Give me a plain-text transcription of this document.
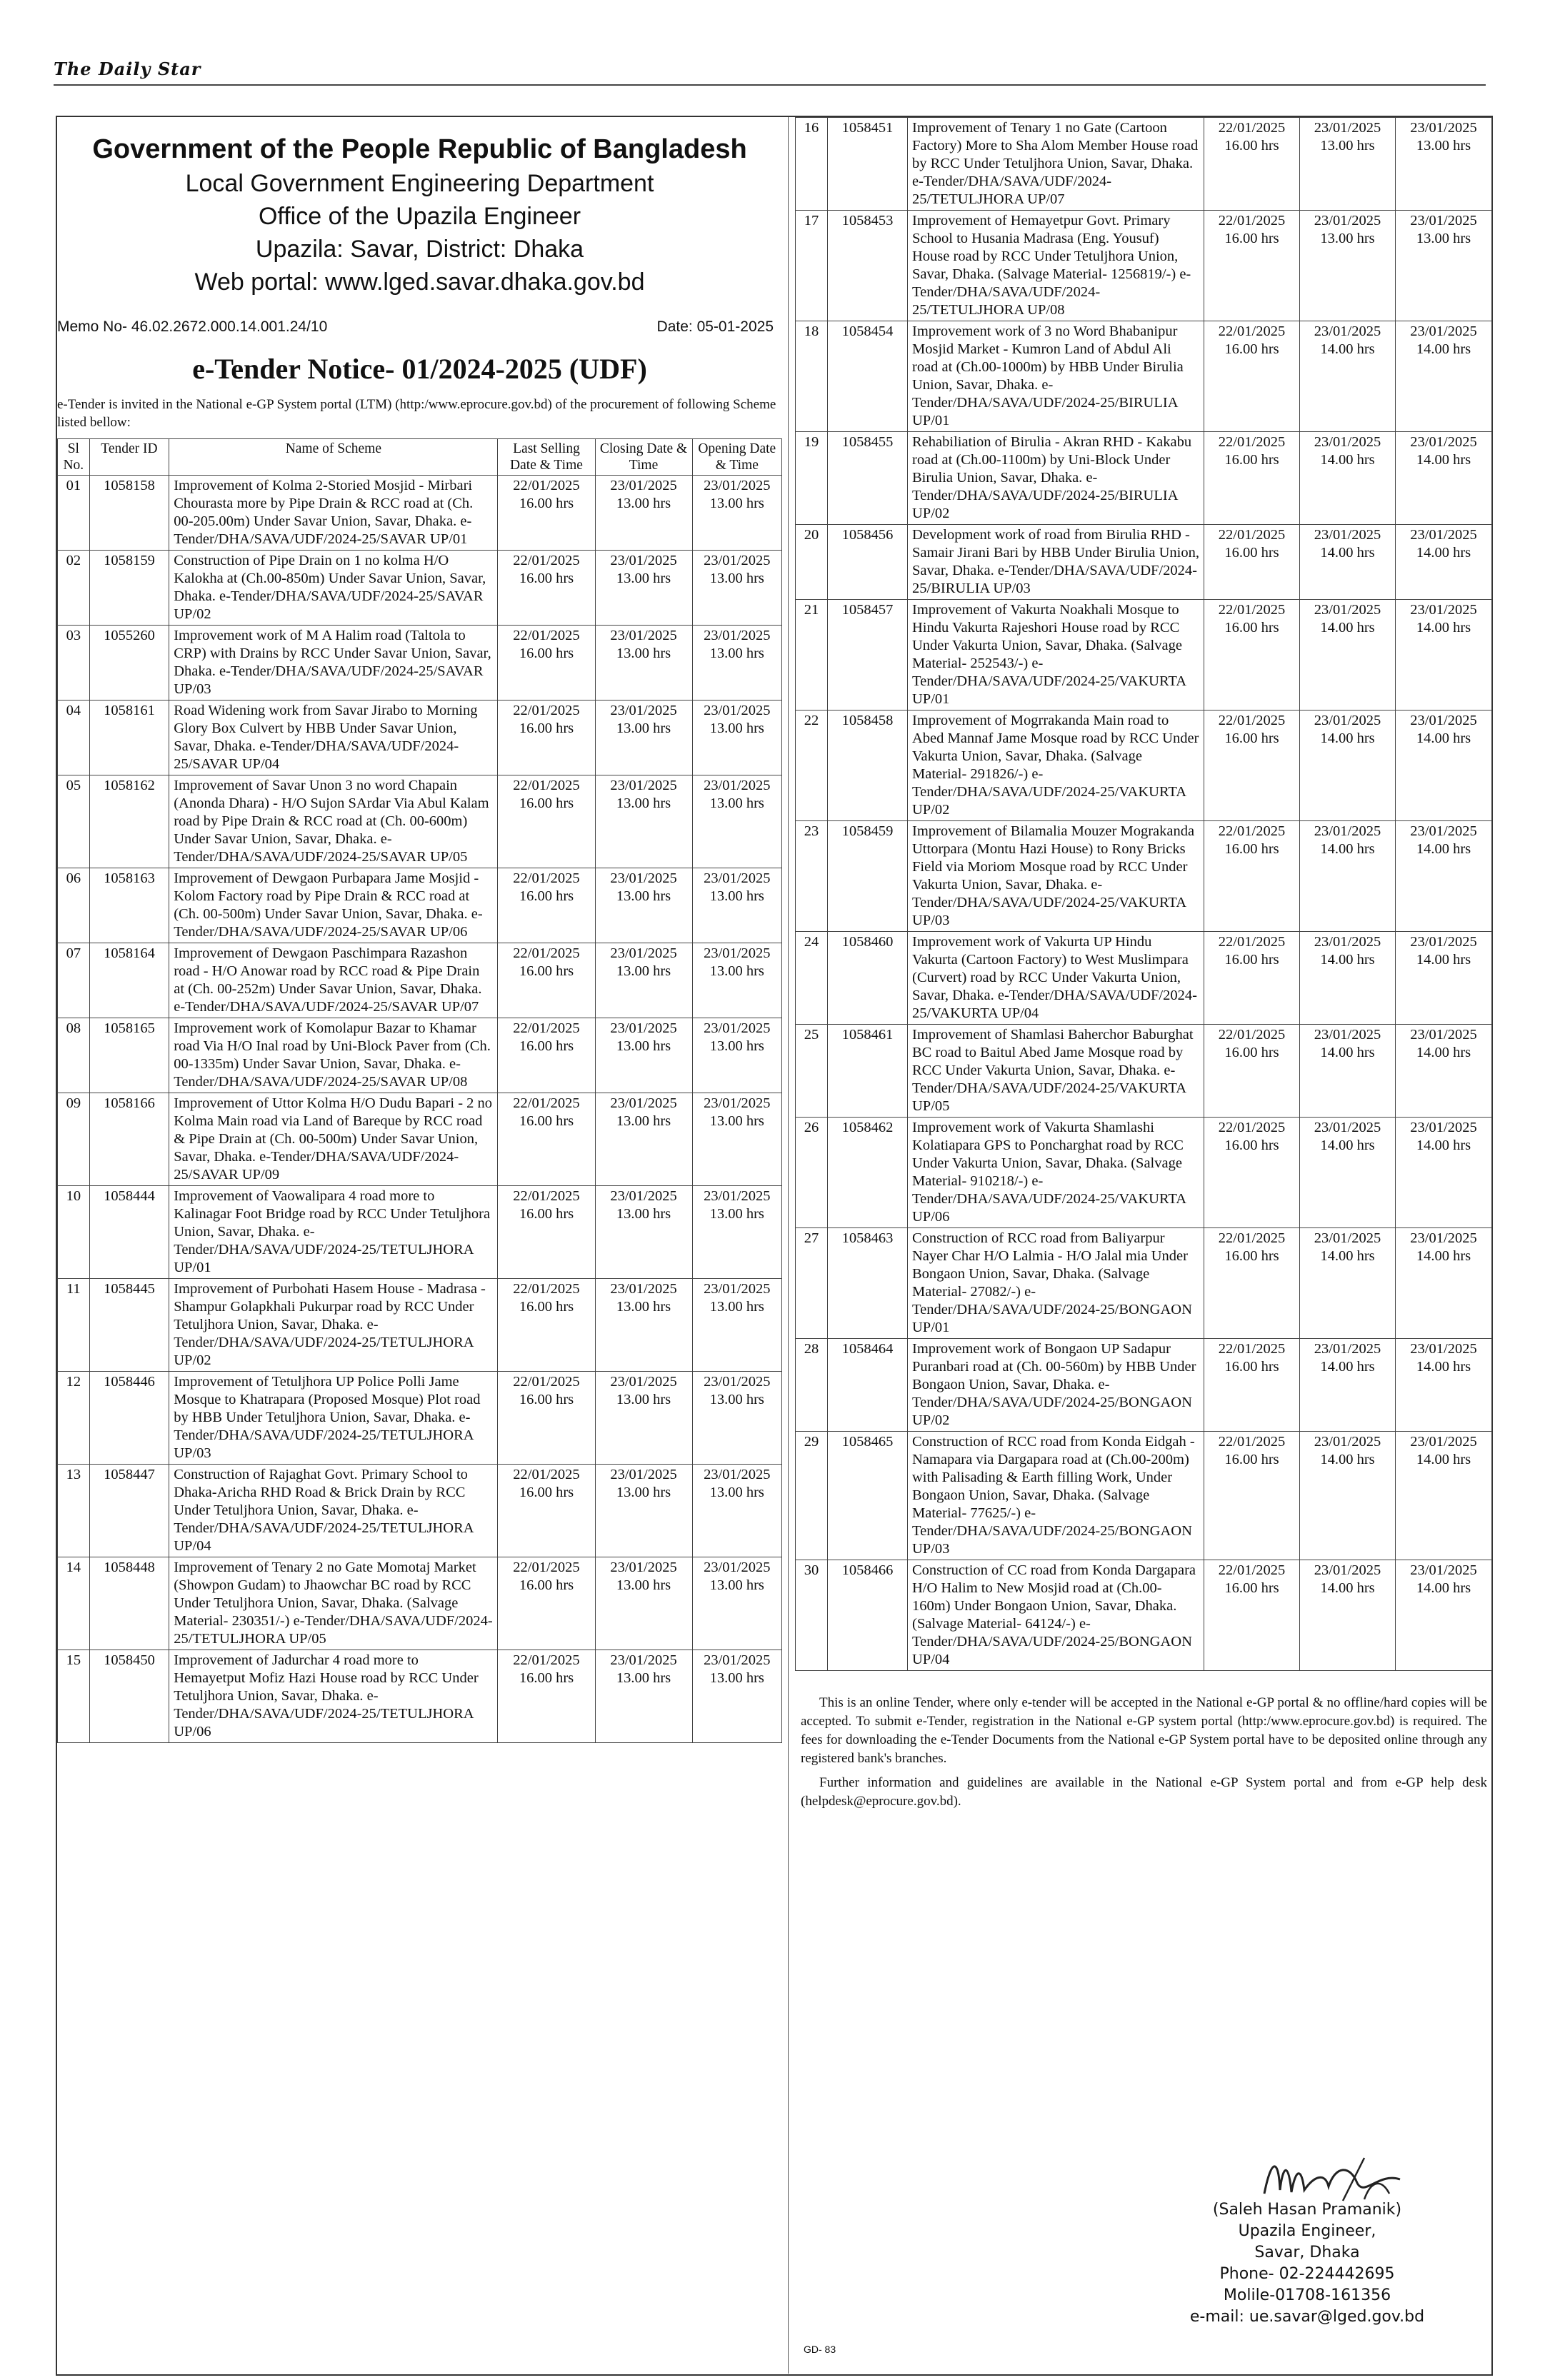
The Daily Star
Government of the People Republic of Bangladesh
Local Government Engineering Department
Office of the Upazila Engineer
Upazila: Savar, District: Dhaka
Web portal: www.lged.savar.dhaka.gov.bd
Memo No- 46.02.2672.000.14.001.24/10	Date: 05-01-2025
e-Tender Notice- 01/2024-2025 (UDF)
e-Tender is invited in the National e-GP System portal (LTM) (http:/www.eprocure.gov.bd) of the procurement of following Scheme listed bellow:
Sl No.	Tender ID	Name of Scheme	Last Selling Date & Time	Closing Date & Time	Opening Date & Time
01	1058158	Improvement of Kolma 2-Storied Mosjid - Mirbari Chourasta more by Pipe Drain & RCC road at (Ch. 00-205.00m) Under Savar Union, Savar, Dhaka. e-Tender/DHA/SAVA/UDF/2024-25/SAVAR UP/01	22/01/2025 16.00 hrs	23/01/2025 13.00 hrs	23/01/2025 13.00 hrs
02	1058159	Construction of Pipe Drain on 1 no kolma H/O Kalokha at (Ch.00-850m) Under Savar Union, Savar, Dhaka. e-Tender/DHA/SAVA/UDF/2024-25/SAVAR UP/02	22/01/2025 16.00 hrs	23/01/2025 13.00 hrs	23/01/2025 13.00 hrs
03	1055260	Improvement work of M A Halim road (Taltola to CRP) with Drains by RCC Under Savar Union, Savar, Dhaka. e-Tender/DHA/SAVA/UDF/2024-25/SAVAR UP/03	22/01/2025 16.00 hrs	23/01/2025 13.00 hrs	23/01/2025 13.00 hrs
04	1058161	Road Widening work from Savar Jirabo to Morning Glory Box Culvert by HBB Under Savar Union, Savar, Dhaka. e-Tender/DHA/SAVA/UDF/2024-25/SAVAR UP/04	22/01/2025 16.00 hrs	23/01/2025 13.00 hrs	23/01/2025 13.00 hrs
05	1058162	Improvement of Savar Unon 3 no word Chapain (Anonda Dhara) - H/O Sujon SArdar Via Abul Kalam road by Pipe Drain & RCC road at (Ch. 00-600m) Under Savar Union, Savar, Dhaka. e-Tender/DHA/SAVA/UDF/2024-25/SAVAR UP/05	22/01/2025 16.00 hrs	23/01/2025 13.00 hrs	23/01/2025 13.00 hrs
06	1058163	Improvement of Dewgaon Purbapara Jame Mosjid - Kolom Factory road by Pipe Drain & RCC road at (Ch. 00-500m) Under Savar Union, Savar, Dhaka. e-Tender/DHA/SAVA/UDF/2024-25/SAVAR UP/06	22/01/2025 16.00 hrs	23/01/2025 13.00 hrs	23/01/2025 13.00 hrs
07	1058164	Improvement of Dewgaon Paschimpara Razashon road - H/O Anowar road by RCC road & Pipe Drain at (Ch. 00-252m) Under Savar Union, Savar, Dhaka. e-Tender/DHA/SAVA/UDF/2024-25/SAVAR UP/07	22/01/2025 16.00 hrs	23/01/2025 13.00 hrs	23/01/2025 13.00 hrs
08	1058165	Improvement work of Komolapur Bazar to Khamar road Via H/O Inal road by Uni-Block Paver from (Ch. 00-1335m) Under Savar Union, Savar, Dhaka. e-Tender/DHA/SAVA/UDF/2024-25/SAVAR UP/08	22/01/2025 16.00 hrs	23/01/2025 13.00 hrs	23/01/2025 13.00 hrs
09	1058166	Improvement of Uttor Kolma H/O Dudu Bapari - 2 no Kolma Main road via Land of Bareque by RCC road & Pipe Drain at (Ch. 00-500m) Under Savar Union, Savar, Dhaka. e-Tender/DHA/SAVA/UDF/2024-25/SAVAR UP/09	22/01/2025 16.00 hrs	23/01/2025 13.00 hrs	23/01/2025 13.00 hrs
10	1058444	Improvement of Vaowalipara 4 road more to Kalinagar Foot Bridge road by RCC Under Tetuljhora Union, Savar, Dhaka. e-Tender/DHA/SAVA/UDF/2024-25/TETULJHORA UP/01	22/01/2025 16.00 hrs	23/01/2025 13.00 hrs	23/01/2025 13.00 hrs
11	1058445	Improvement of Purbohati Hasem House - Madrasa - Shampur Golapkhali Pukurpar road by RCC Under Tetuljhora Union, Savar, Dhaka. e-Tender/DHA/SAVA/UDF/2024-25/TETULJHORA UP/02	22/01/2025 16.00 hrs	23/01/2025 13.00 hrs	23/01/2025 13.00 hrs
12	1058446	Improvement of Tetuljhora UP Police Polli Jame Mosque to Khatrapara (Proposed Mosque) Plot road by HBB Under Tetuljhora Union, Savar, Dhaka. e-Tender/DHA/SAVA/UDF/2024-25/TETULJHORA UP/03	22/01/2025 16.00 hrs	23/01/2025 13.00 hrs	23/01/2025 13.00 hrs
13	1058447	Construction of Rajaghat Govt. Primary School to Dhaka-Aricha RHD Road & Brick Drain by RCC Under Tetuljhora Union, Savar, Dhaka. e-Tender/DHA/SAVA/UDF/2024-25/TETULJHORA UP/04	22/01/2025 16.00 hrs	23/01/2025 13.00 hrs	23/01/2025 13.00 hrs
14	1058448	Improvement of Tenary 2 no Gate Momotaj Market (Showpon Gudam) to Jhaowchar BC road by RCC Under Tetuljhora Union, Savar, Dhaka. (Salvage Material- 230351/-) e-Tender/DHA/SAVA/UDF/2024-25/TETULJHORA UP/05	22/01/2025 16.00 hrs	23/01/2025 13.00 hrs	23/01/2025 13.00 hrs
15	1058450	Improvement of Jadurchar 4 road more to Hemayetput Mofiz Hazi House road by RCC Under Tetuljhora Union, Savar, Dhaka. e-Tender/DHA/SAVA/UDF/2024-25/TETULJHORA UP/06	22/01/2025 16.00 hrs	23/01/2025 13.00 hrs	23/01/2025 13.00 hrs
16	1058451	Improvement of Tenary 1 no Gate (Cartoon Factory) More to Sha Alom Member House road by RCC Under Tetuljhora Union, Savar, Dhaka. e-Tender/DHA/SAVA/UDF/2024-25/TETULJHORA UP/07	22/01/2025 16.00 hrs	23/01/2025 13.00 hrs	23/01/2025 13.00 hrs
17	1058453	Improvement of Hemayetpur Govt. Primary School to Husania Madrasa (Eng. Yousuf) House road by RCC Under Tetuljhora Union, Savar, Dhaka. (Salvage Material- 1256819/-) e-Tender/DHA/SAVA/UDF/2024-25/TETULJHORA UP/08	22/01/2025 16.00 hrs	23/01/2025 13.00 hrs	23/01/2025 13.00 hrs
18	1058454	Improvement work of 3 no Word Bhabanipur Mosjid Market - Kumron Land of Abdul Ali road at (Ch.00-1000m) by HBB Under Birulia Union, Savar, Dhaka. e-Tender/DHA/SAVA/UDF/2024-25/BIRULIA UP/01	22/01/2025 16.00 hrs	23/01/2025 14.00 hrs	23/01/2025 14.00 hrs
19	1058455	Rehabiliation of Birulia - Akran RHD - Kakabu road at (Ch.00-1100m) by Uni-Block Under Birulia Union, Savar, Dhaka. e-Tender/DHA/SAVA/UDF/2024-25/BIRULIA UP/02	22/01/2025 16.00 hrs	23/01/2025 14.00 hrs	23/01/2025 14.00 hrs
20	1058456	Development work of road from Birulia RHD - Samair Jirani Bari by HBB Under Birulia Union, Savar, Dhaka. e-Tender/DHA/SAVA/UDF/2024-25/BIRULIA UP/03	22/01/2025 16.00 hrs	23/01/2025 14.00 hrs	23/01/2025 14.00 hrs
21	1058457	Improvement of Vakurta Noakhali Mosque to Hindu Vakurta Rajeshori House road by RCC Under Vakurta Union, Savar, Dhaka. (Salvage Material- 252543/-) e-Tender/DHA/SAVA/UDF/2024-25/VAKURTA UP/01	22/01/2025 16.00 hrs	23/01/2025 14.00 hrs	23/01/2025 14.00 hrs
22	1058458	Improvement of Mogrrakanda Main road to Abed Mannaf Jame Mosque road by RCC Under Vakurta Union, Savar, Dhaka. (Salvage Material- 291826/-) e-Tender/DHA/SAVA/UDF/2024-25/VAKURTA UP/02	22/01/2025 16.00 hrs	23/01/2025 14.00 hrs	23/01/2025 14.00 hrs
23	1058459	Improvement of Bilamalia Mouzer Mograkanda Uttorpara (Montu Hazi House) to Rony Bricks Field via Moriom Mosque road by RCC Under Vakurta Union, Savar, Dhaka. e-Tender/DHA/SAVA/UDF/2024-25/VAKURTA UP/03	22/01/2025 16.00 hrs	23/01/2025 14.00 hrs	23/01/2025 14.00 hrs
24	1058460	Improvement work of Vakurta UP Hindu Vakurta (Cartoon Factory) to West Muslimpara (Curvert) road by RCC Under Vakurta Union, Savar, Dhaka. e-Tender/DHA/SAVA/UDF/2024-25/VAKURTA UP/04	22/01/2025 16.00 hrs	23/01/2025 14.00 hrs	23/01/2025 14.00 hrs
25	1058461	Improvement of Shamlasi Baherchor Baburghat BC road to Baitul Abed Jame Mosque road by RCC Under Vakurta Union, Savar, Dhaka. e-Tender/DHA/SAVA/UDF/2024-25/VAKURTA UP/05	22/01/2025 16.00 hrs	23/01/2025 14.00 hrs	23/01/2025 14.00 hrs
26	1058462	Improvement work of Vakurta Shamlashi Kolatiapara GPS to Poncharghat road by RCC Under Vakurta Union, Savar, Dhaka. (Salvage Material- 910218/-) e-Tender/DHA/SAVA/UDF/2024-25/VAKURTA UP/06	22/01/2025 16.00 hrs	23/01/2025 14.00 hrs	23/01/2025 14.00 hrs
27	1058463	Construction of RCC road from Baliyarpur Nayer Char H/O Lalmia - H/O Jalal mia Under Bongaon Union, Savar, Dhaka. (Salvage Material- 27082/-) e-Tender/DHA/SAVA/UDF/2024-25/BONGAON UP/01	22/01/2025 16.00 hrs	23/01/2025 14.00 hrs	23/01/2025 14.00 hrs
28	1058464	Improvement work of Bongaon UP Sadapur Puranbari road at (Ch. 00-560m) by HBB Under Bongaon Union, Savar, Dhaka. e-Tender/DHA/SAVA/UDF/2024-25/BONGAON UP/02	22/01/2025 16.00 hrs	23/01/2025 14.00 hrs	23/01/2025 14.00 hrs
29	1058465	Construction of RCC road from Konda Eidgah - Namapara via Dargapara road at (Ch.00-200m) with Palisading & Earth filling Work, Under Bongaon Union, Savar, Dhaka. (Salvage Material- 77625/-) e-Tender/DHA/SAVA/UDF/2024-25/BONGAON UP/03	22/01/2025 16.00 hrs	23/01/2025 14.00 hrs	23/01/2025 14.00 hrs
30	1058466	Construction of CC road from Konda Dargapara H/O Halim to New Mosjid road at (Ch.00-160m) Under Bongaon Union, Savar, Dhaka. (Salvage Material- 64124/-) e-Tender/DHA/SAVA/UDF/2024-25/BONGAON UP/04	22/01/2025 16.00 hrs	23/01/2025 14.00 hrs	23/01/2025 14.00 hrs

This is an online Tender, where only e-tender will be accepted in the National e-GP portal & no offline/hard copies will be accepted. To submit e-Tender, registration in the National e-GP system portal (http:/www.eprocure.gov.bd) is required. The fees for downloading the e-Tender Documents from the National e-GP System portal have to be deposited online through any registered bank's branches.

Further information and guidelines are available in the National e-GP System portal and from e-GP help desk (helpdesk@eprocure.gov.bd).

(Saleh Hasan Pramanik)
Upazila Engineer,
Savar, Dhaka
Phone- 02-224442695
Molile-01708-161356
e-mail: ue.savar@lged.gov.bd
GD- 83
